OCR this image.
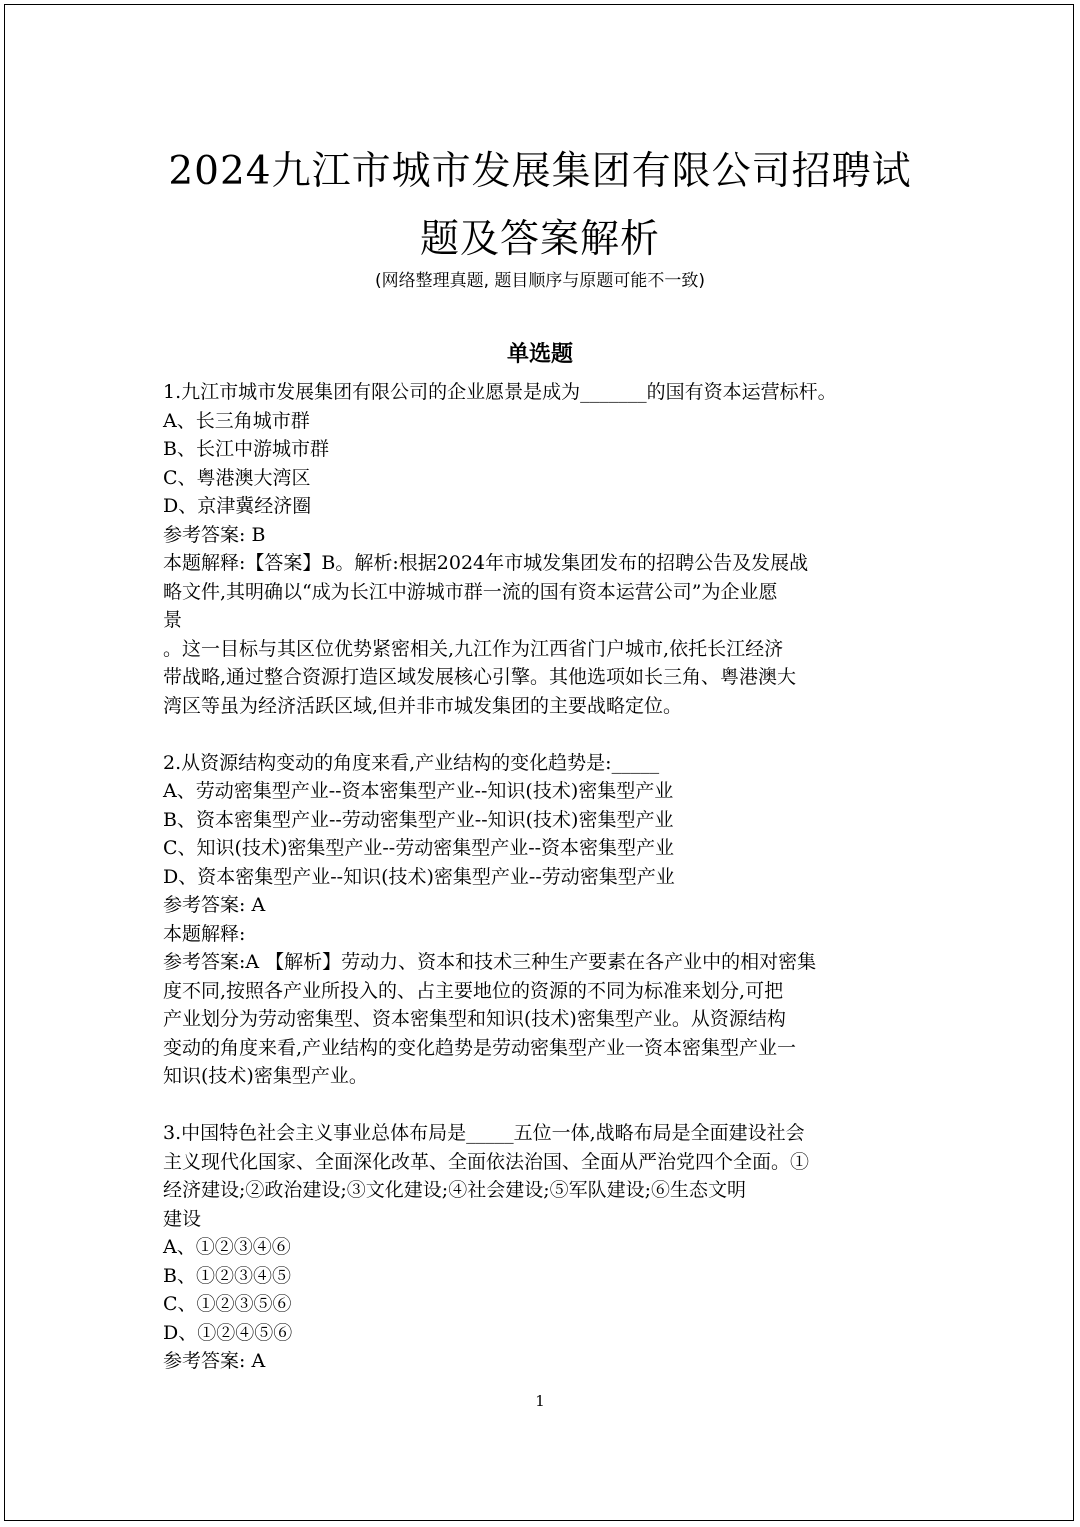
2024九江市城市发展集团有限公司招聘试
题及答案解析
(网络整理真题, 题目顺序与原题可能不一致)
单选题
1.九江市城市发展集团有限公司的企业愿景是成为_______的国有资本运营标杆。
A、长三角城市群
B、长江中游城市群
C、粤港澳大湾区
D、京津冀经济圈
参考答案: B
本题解释:【答案】B。解析:根据2024年市城发集团发布的招聘公告及发展战
略文件,其明确以“成为长江中游城市群一流的国有资本运营公司”为企业愿
景
。这一目标与其区位优势紧密相关,九江作为江西省门户城市,依托长江经济
带战略,通过整合资源打造区域发展核心引擎。其他选项如长三角、粤港澳大
湾区等虽为经济活跃区域,但并非市城发集团的主要战略定位。
2.从资源结构变动的角度来看,产业结构的变化趋势是:_____
A、劳动密集型产业--资本密集型产业--知识(技术)密集型产业
B、资本密集型产业--劳动密集型产业--知识(技术)密集型产业
C、知识(技术)密集型产业--劳动密集型产业--资本密集型产业
D、资本密集型产业--知识(技术)密集型产业--劳动密集型产业
参考答案: A
本题解释:
参考答案:A 【解析】劳动力、资本和技术三种生产要素在各产业中的相对密集
度不同,按照各产业所投入的、占主要地位的资源的不同为标准来划分,可把
产业划分为劳动密集型、资本密集型和知识(技术)密集型产业。从资源结构
变动的角度来看,产业结构的变化趋势是劳动密集型产业一资本密集型产业一
知识(技术)密集型产业。
3.中国特色社会主义事业总体布局是_____五位一体,战略布局是全面建设社会
主义现代化国家、全面深化改革、全面依法治国、全面从严治党四个全面。①
经济建设;②政治建设;③文化建设;④社会建设;⑤军队建设;⑥生态文明
建设
A、①②③④⑥
B、①②③④⑤
C、①②③⑤⑥
D、①②④⑤⑥
参考答案: A
1
